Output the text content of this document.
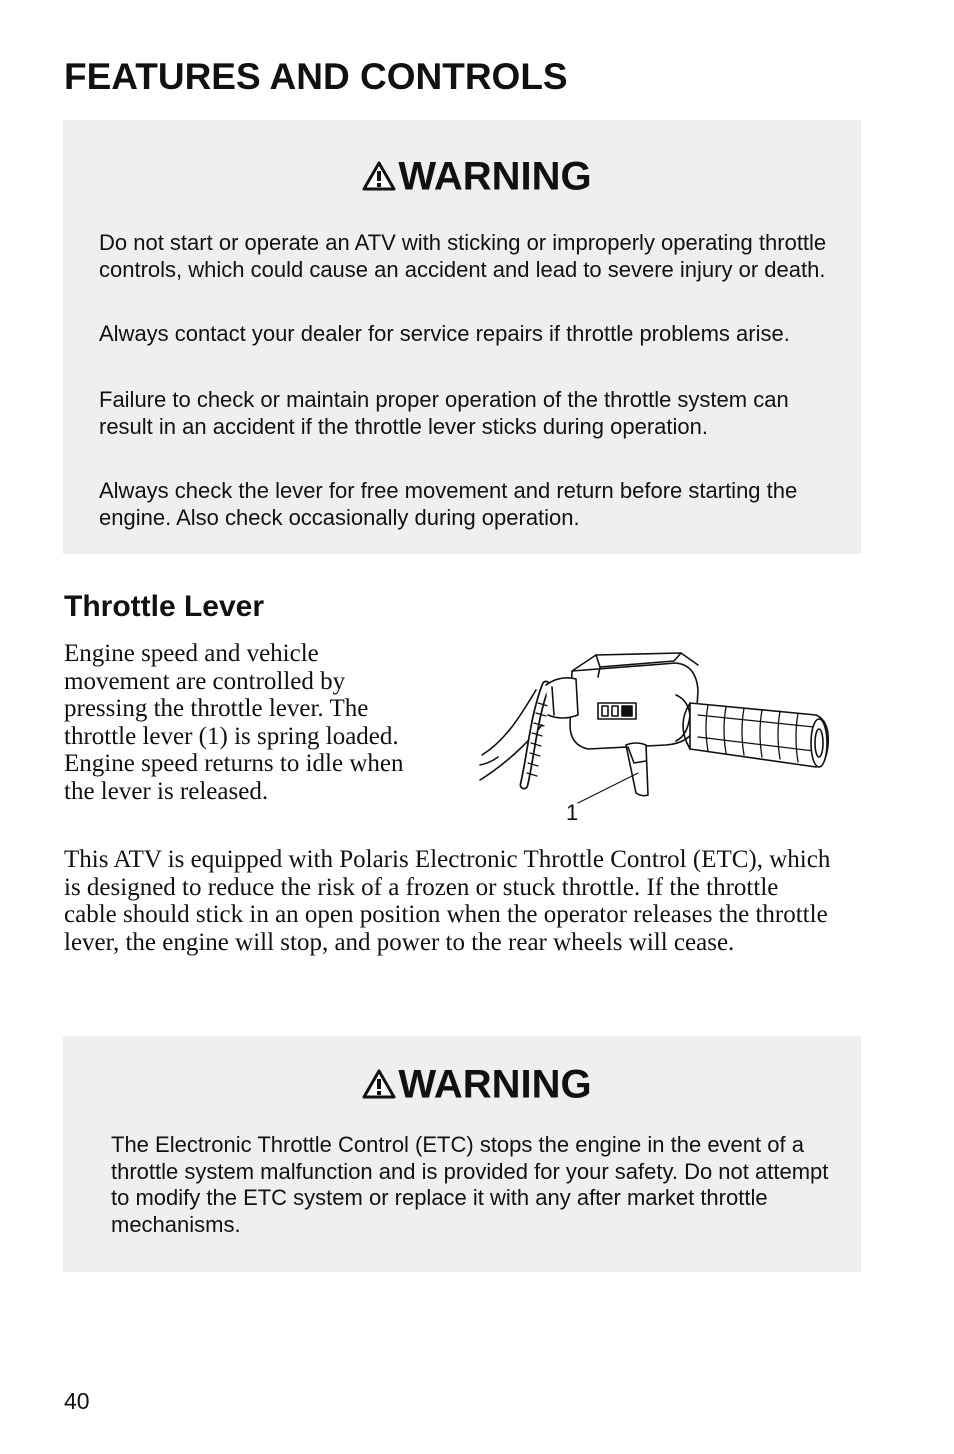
FEATURES AND CONTROLS
WARNING

Do not start or operate an ATV with sticking or improperly operating throttle controls, which could cause an accident and lead to severe injury or death.

Always contact your dealer for service repairs if throttle problems arise.

Failure to check or maintain proper operation of the throttle system can result in an accident if the throttle lever sticks during operation.

Always check the lever for free movement and return before starting the engine. Also check occasionally during operation.

Throttle Lever

Engine speed and vehicle movement are controlled by pressing the throttle lever. The throttle lever (1) is spring loaded. Engine speed returns to idle when the lever is released.

1

This ATV is equipped with Polaris Electronic Throttle Control (ETC), which is designed to reduce the risk of a frozen or stuck throttle. If the throttle cable should stick in an open position when the operator releases the throttle lever, the engine will stop, and power to the rear wheels will cease.

WARNING

The Electronic Throttle Control (ETC) stops the engine in the event of a throttle system malfunction and is provided for your safety. Do not attempt to modify the ETC system or replace it with any after market throttle mechanisms.

40
